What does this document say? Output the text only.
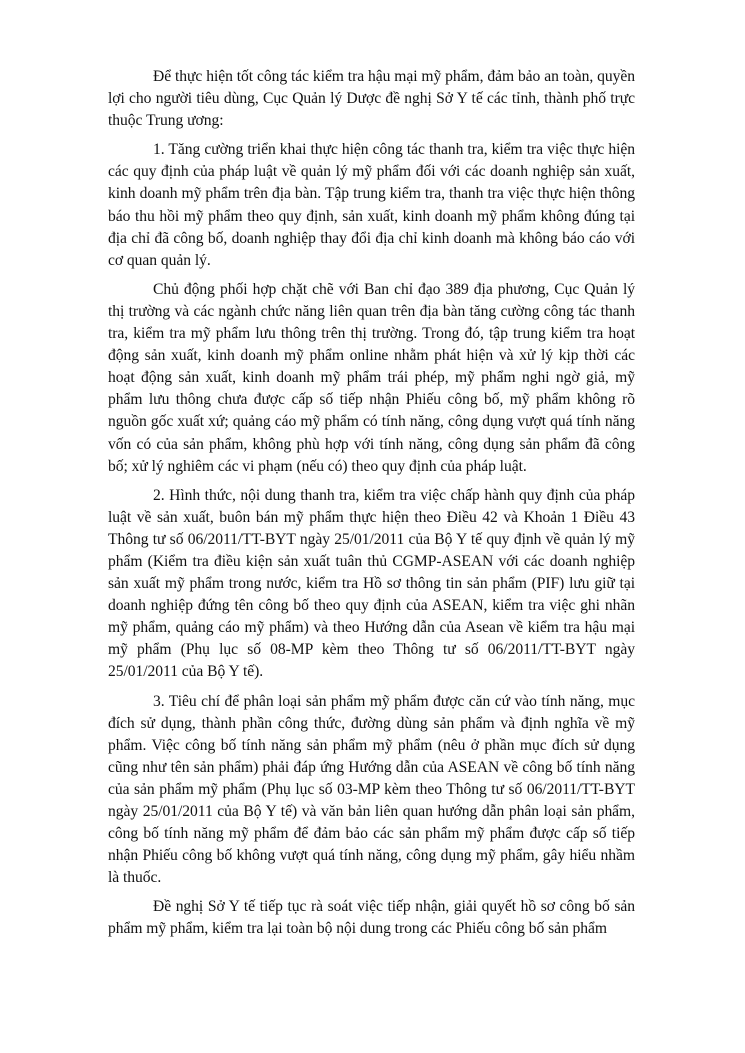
Để thực hiện tốt công tác kiểm tra hậu mại mỹ phẩm, đảm bảo an toàn, quyền lợi cho người tiêu dùng, Cục Quản lý Dược đề nghị Sở Y tế các tỉnh, thành phố trực thuộc Trung ương:

1. Tăng cường triển khai thực hiện công tác thanh tra, kiểm tra việc thực hiện các quy định của pháp luật về quản lý mỹ phẩm đối với các doanh nghiệp sản xuất, kinh doanh mỹ phẩm trên địa bàn. Tập trung kiểm tra, thanh tra việc thực hiện thông báo thu hồi mỹ phẩm theo quy định, sản xuất, kinh doanh mỹ phẩm không đúng tại địa chỉ đã công bố, doanh nghiệp thay đổi địa chỉ kinh doanh mà không báo cáo với cơ quan quản lý.

Chủ động phối hợp chặt chẽ với Ban chỉ đạo 389 địa phương, Cục Quản lý thị trường và các ngành chức năng liên quan trên địa bàn tăng cường công tác thanh tra, kiểm tra mỹ phẩm lưu thông trên thị trường. Trong đó, tập trung kiểm tra hoạt động sản xuất, kinh doanh mỹ phẩm online nhằm phát hiện và xử lý kịp thời các hoạt động sản xuất, kinh doanh mỹ phẩm trái phép, mỹ phẩm nghi ngờ giả, mỹ phẩm lưu thông chưa được cấp số tiếp nhận Phiếu công bố, mỹ phẩm không rõ nguồn gốc xuất xứ; quảng cáo mỹ phẩm có tính năng, công dụng vượt quá tính năng vốn có của sản phẩm, không phù hợp với tính năng, công dụng sản phẩm đã công bố; xử lý nghiêm các vi phạm (nếu có) theo quy định của pháp luật.

2. Hình thức, nội dung thanh tra, kiểm tra việc chấp hành quy định của pháp luật về sản xuất, buôn bán mỹ phẩm thực hiện theo Điều 42 và Khoản 1 Điều 43 Thông tư số 06/2011/TT-BYT ngày 25/01/2011 của Bộ Y tế quy định về quản lý mỹ phẩm (Kiểm tra điều kiện sản xuất tuân thủ CGMP-ASEAN với các doanh nghiệp sản xuất mỹ phẩm trong nước, kiểm tra Hồ sơ thông tin sản phẩm (PIF) lưu giữ tại doanh nghiệp đứng tên công bố theo quy định của ASEAN, kiểm tra việc ghi nhãn mỹ phẩm, quảng cáo mỹ phẩm) và theo Hướng dẫn của Asean về kiểm tra hậu mại mỹ phẩm (Phụ lục số 08-MP kèm theo Thông tư số 06/2011/TT-BYT ngày 25/01/2011 của Bộ Y tế).

3. Tiêu chí để phân loại sản phẩm mỹ phẩm được căn cứ vào tính năng, mục đích sử dụng, thành phần công thức, đường dùng sản phẩm và định nghĩa về mỹ phẩm. Việc công bố tính năng sản phẩm mỹ phẩm (nêu ở phần mục đích sử dụng cũng như tên sản phẩm) phải đáp ứng Hướng dẫn của ASEAN về công bố tính năng của sản phẩm mỹ phẩm (Phụ lục số 03-MP kèm theo Thông tư số 06/2011/TT-BYT ngày 25/01/2011 của Bộ Y tế) và văn bản liên quan hướng dẫn phân loại sản phẩm, công bố tính năng mỹ phẩm để đảm bảo các sản phẩm mỹ phẩm được cấp số tiếp nhận Phiếu công bố không vượt quá tính năng, công dụng mỹ phẩm, gây hiểu nhầm là thuốc.

Đề nghị Sở Y tế tiếp tục rà soát việc tiếp nhận, giải quyết hồ sơ công bố sản phẩm mỹ phẩm, kiểm tra lại toàn bộ nội dung trong các Phiếu công bố sản phẩm
